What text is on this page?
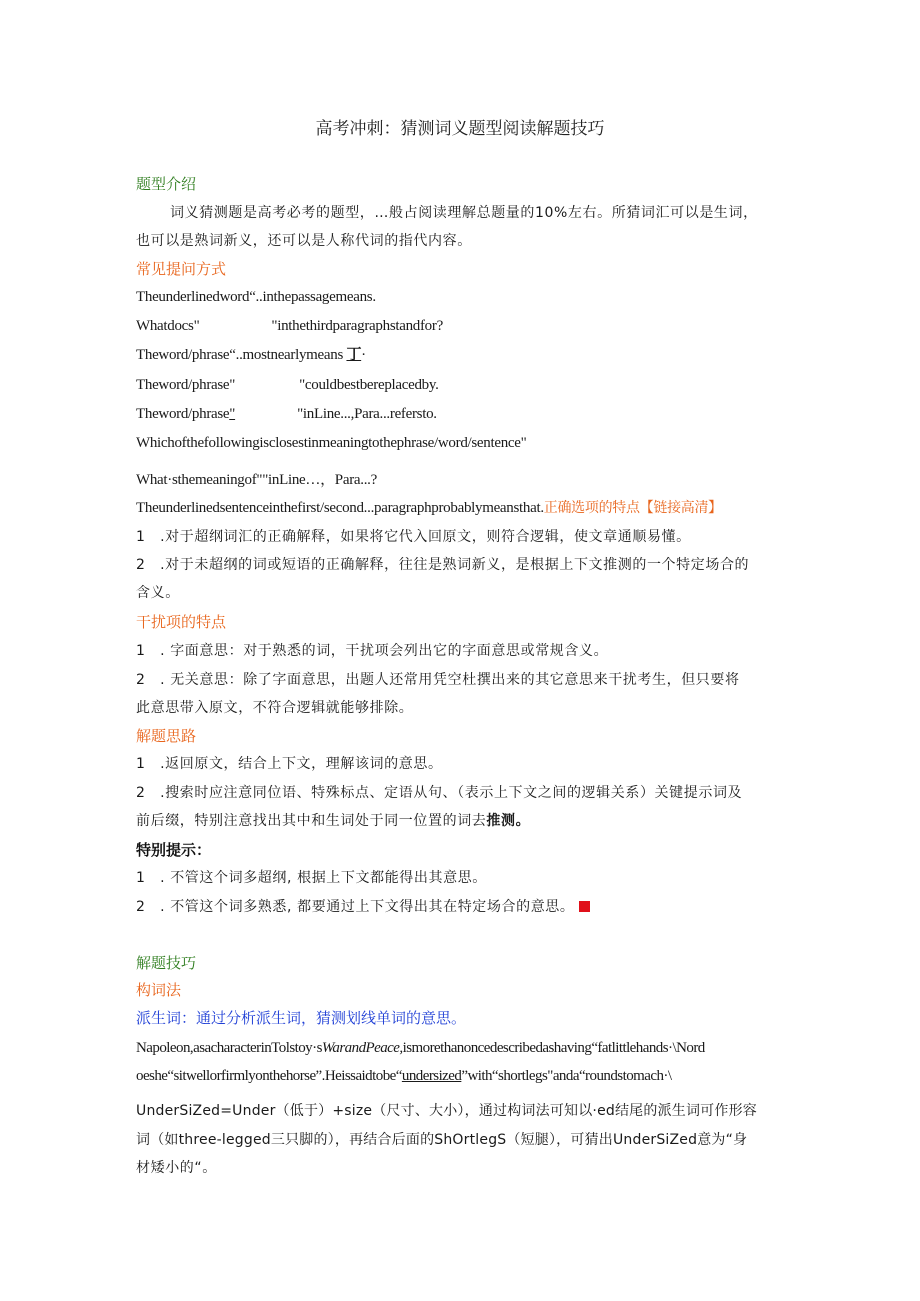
高考冲刺：猜测词义题型阅读解题技巧
题型介绍
词义猜测题是高考必考的题型，…般占阅读理解总题量的10%左右。所猜词汇可以是生词，
也可以是熟词新义，还可以是人称代词的指代内容。
常见提问方式
Theunderlinedword“..inthepassagemeans.
Whatdocs"	"inthethirdparagraphstandfor?
Theword/phrase“..mostnearlymeans 丁·
Theword/phrase"	"couldbestbereplacedby.
Theword/phrase"	"inLine...,Para...refersto.
Whichofthefollowingisclosestinmeaningtothephrase/word/sentence"
What·sthemeaningof""inLine…，Para...?
Theunderlinedsentenceinthefirst/second...paragraphprobablymeansthat.正确选项的特点【链接高清】
1　.对于超纲词汇的正确解释，如果将它代入回原文，则符合逻辑，使文章通顺易懂。
2　.对于未超纲的词或短语的正确解释，往往是熟词新义，是根据上下文推测的一个特定场合的
含义。
干扰项的特点
1　. 字面意思：对于熟悉的词，干扰项会列出它的字面意思或常规含义。
2　. 无关意思：除了字面意思，出题人还常用凭空杜撰出来的其它意思来干扰考生，但只要将
此意思带入原文，不符合逻辑就能够排除。
解题思路
1　.返回原文，结合上下文，理解该词的意思。
2　.搜索时应注意同位语、特殊标点、定语从句、（表示上下文之间的逻辑关系）关键提示词及
前后缀，特别注意找出其中和生词处于同一位置的词去推测。
特别提示：
1　. 不管这个词多超纲, 根据上下文都能得出其意思。
2　. 不管这个词多熟悉, 都要通过上下文得出其在特定场合的意思。
解题技巧
构词法
派生词：通过分析派生词，猜测划线单词的意思。
Napoleon,asacharacterinTolstoy·sWarandPeace,ismorethanoncedescribedashaving“fatlittlehands·\Nord
oeshe“sitwellorfirmlyonthehorse”.Heissaidtobe“undersized”with“shortlegs"anda“roundstomach·\
UnderSiZed=Under（低于）+size（尺寸、大小），通过构词法可知以·ed结尾的派生词可作形容
词（如three-legged三只脚的），再结合后面的ShOrtlegS（短腿），可猜出UnderSiZed意为“身
材矮小的“。
